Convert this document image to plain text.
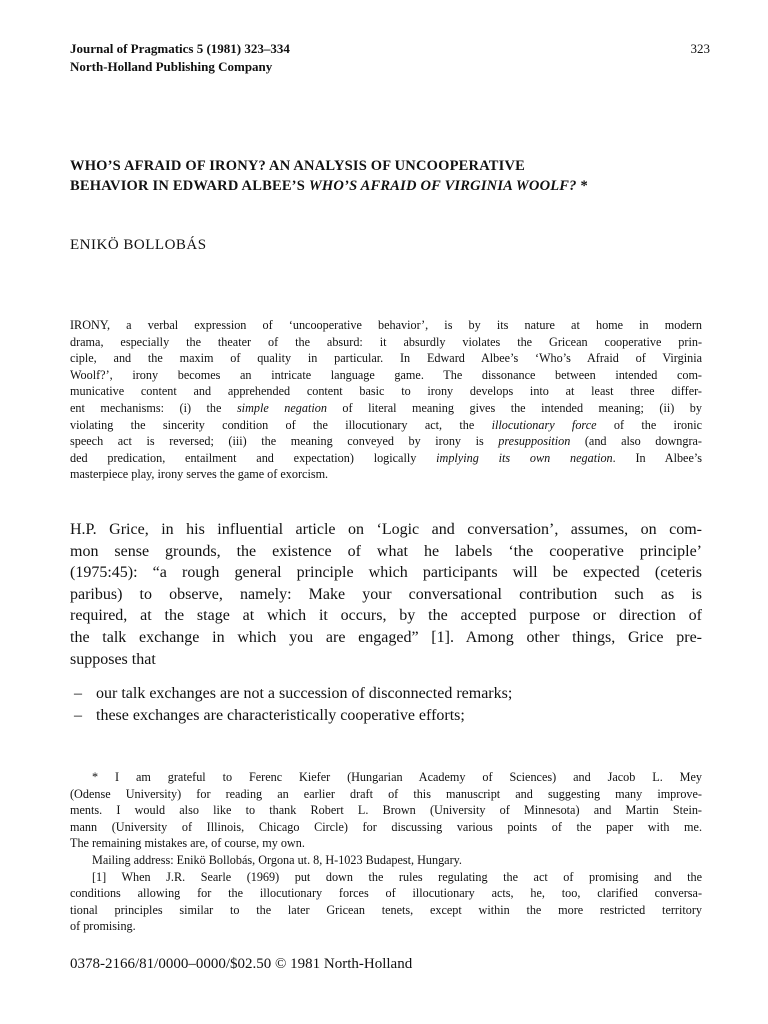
Journal of Pragmatics 5 (1981) 323–334
North-Holland Publishing Company
323
WHO’S AFRAID OF IRONY? AN ANALYSIS OF UNCOOPERATIVE
BEHAVIOR IN EDWARD ALBEE’S WHO’S AFRAID OF VIRGINIA WOOLF? *
ENIKÖ BOLLOBÁS
IRONY, a verbal expression of ‘uncooperative behavior’, is by its nature at home in modern
drama, especially the theater of the absurd: it absurdly violates the Gricean cooperative prin-
ciple, and the maxim of quality in particular. In Edward Albee’s ‘Who’s Afraid of Virginia
Woolf?’, irony becomes an intricate language game. The dissonance between intended com-
municative content and apprehended content basic to irony develops into at least three differ-
ent mechanisms: (i) the simple negation of literal meaning gives the intended meaning; (ii) by
violating the sincerity condition of the illocutionary act, the illocutionary force of the ironic
speech act is reversed; (iii) the meaning conveyed by irony is presupposition (and also downgra-
ded predication, entailment and expectation) logically implying its own negation. In Albee’s
masterpiece play, irony serves the game of exorcism.
H.P. Grice, in his influential article on ‘Logic and conversation’, assumes, on com-
mon sense grounds, the existence of what he labels ‘the cooperative principle’
(1975:45): “a rough general principle which participants will be expected (ceteris
paribus) to observe, namely: Make your conversational contribution such as is
required, at the stage at which it occurs, by the accepted purpose or direction of
the talk exchange in which you are engaged” [1]. Among other things, Grice pre-
supposes that
– our talk exchanges are not a succession of disconnected remarks;
– these exchanges are characteristically cooperative efforts;
* I am grateful to Ferenc Kiefer (Hungarian Academy of Sciences) and Jacob L. Mey
(Odense University) for reading an earlier draft of this manuscript and suggesting many improve-
ments. I would also like to thank Robert L. Brown (University of Minnesota) and Martin Stein-
mann (University of Illinois, Chicago Circle) for discussing various points of the paper with me.
The remaining mistakes are, of course, my own.
Mailing address: Enikö Bollobás, Orgona ut. 8, H-1023 Budapest, Hungary.
[1] When J.R. Searle (1969) put down the rules regulating the act of promising and the
conditions allowing for the illocutionary forces of illocutionary acts, he, too, clarified conversa-
tional principles similar to the later Gricean tenets, except within the more restricted territory
of promising.
0378-2166/81/0000–0000/$02.50 © 1981 North-Holland
